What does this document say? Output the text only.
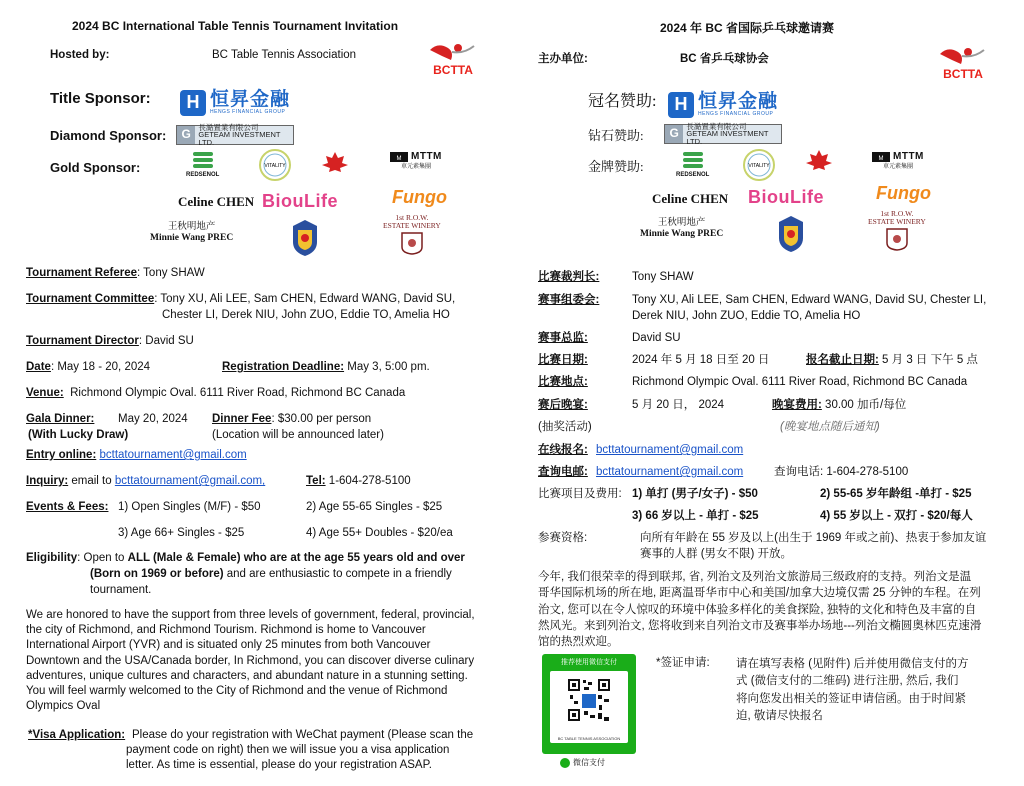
2024 BC International Table Tennis Tournament Invitation
Hosted by:	BC Table Tennis Association
BCTTA
Title Sponsor:	H 恒昇金融
HENGS FINANCIAL GROUP
Diamond Sponsor:	G	長澔置業有限公司
GETEAM INVESTMENT LTD.
Gold Sponsor:	REDSENOL
VITALITY
M MTTM
車元素集團
Celine CHEN BiouLife	Fungo
王秋明地产
Minnie Wang PREC
1st R.O.W.
ESTATE WINERY
Tournament Referee: Tony SHAW
Tournament Committee: Tony XU, Ali LEE, Sam CHEN, Edward WANG, David SU,
Chester LI, Derek NIU, John ZUO, Eddie TO, Amelia HO
Tournament Director: David SU
Date: May 18 - 20, 2024	Registration Deadline: May 3, 5:00 pm.
Venue: Richmond Olympic Oval. 6111 River Road, Richmond BC Canada
Gala Dinner: May 20, 2024
(With Lucky Draw)
Dinner Fee: $30.00 per person
(Location will be announced later)
Entry online: bcttatournament@gmail.com
Inquiry: email to bcttatournament@gmail.com,	Tel: 1-604-278-5100
Events & Fees: 1) Open Singles (M/F) - $50	2) Age 55-65 Singles - $25
3) Age 66+ Singles - $25	4) Age 55+ Doubles - $20/ea
Eligibility: Open to ALL (Male & Female) who are at the age 55 years old and over
(Born on 1969 or before) and are enthusiastic to compete in a friendly
tournament.
We are honored to have the support from three levels of government, federal, provincial,
the city of Richmond, and Richmond Tourism. Richmond is home to Vancouver
International Airport (YVR) and is situated only 25 minutes from both Vancouver
Downtown and the USA/Canada border, In Richmond, you can discover diverse culinary
adventures, unique cultures and characters, and abundant nature in a stunning setting.
You will feel warmly welcomed to the City of Richmond and the venue of Richmond
Olympics Oval
*Visa Application: Please do your registration with WeChat payment (Please scan the
payment code on right) then we will issue you a visa application
letter. As time is essential, please do your registration ASAP.
2024 年 BC 省国际乒乓球邀请赛
主办单位:	BC 省乒乓球协会
BCTTA
冠名赞助:	H 恒昇金融
HENGS FINANCIAL GROUP
钻石赞助:	G	長澔置業有限公司
GETEAM INVESTMENT LTD.
金牌赞助:
REDSENOL
VITALITY
M MTTM
車元素集團
Celine CHEN BiouLife	Fungo
王秋明地产
Minnie Wang PREC
1st R.O.W.
ESTATE WINERY
比赛裁判长:	Tony SHAW
赛事组委会:	Tony XU, Ali LEE, Sam CHEN, Edward WANG, David SU, Chester LI,
Derek NIU, John ZUO, Eddie TO, Amelia HO
赛事总监:	David SU
比赛日期:	2024 年 5 月 18 日至 20 日	报名截止日期: 5 月 3 日 下午 5 点
比赛地点:	Richmond Olympic Oval. 6111 River Road, Richmond BC Canada
赛后晚宴:	5 月 20 日， 2024	晚宴费用: 30.00 加币/每位
(抽奖活动)	(晚宴地点随后通知)
在线报名: bcttatournament@gmail.com
查询电邮: bcttatournament@gmail.com	查询电话: 1-604-278-5100
比赛项目及费用: 1) 单打 (男子/女子) - $50	2) 55-65 岁年龄组 -单打 - $25
3) 66 岁以上 - 单打 - $25	4) 55 岁以上 - 双打 - $20/每人
参赛资格:	向所有年龄在 55 岁及以上(出生于 1969 年或之前)、热衷于参加友谊
赛事的人群 (男女不限) 开放。
今年, 我们很荣幸的得到联邦, 省, 列治文及列治文旅游局三级政府的支持。列治文是温
哥华国际机场的所在地, 距离温哥华市中心和美国/加拿大边境仅需 25 分钟的车程。在列
治文, 您可以在令人惊叹的环境中体验多样化的美食探险, 独特的文化和特色及丰富的自
然风光。来到列治文, 您将收到来自列治文市及赛事举办场地---列治文椭圆奥林匹克速滑
馆的热烈欢迎。
推荐使用微信支付
BC TABLE TENNIS ASSOCIATION
微信支付
*签证申请: 请在填写表格 (见附件) 后并使用微信支付的方
式 (微信支付的二维码) 进行注册, 然后, 我们
将向您发出相关的签证申请信函。由于时间紧
迫, 敬请尽快报名
